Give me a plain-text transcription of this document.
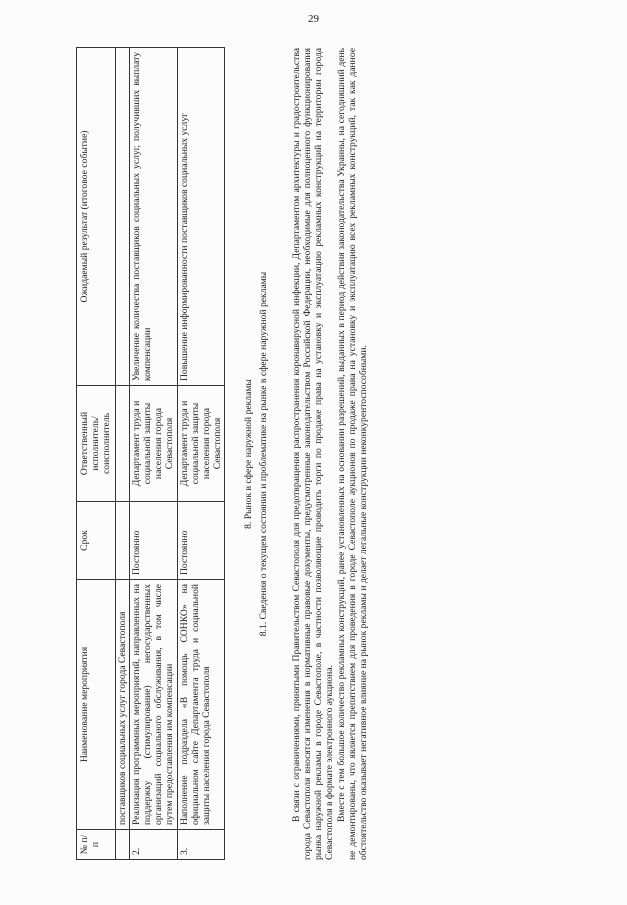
29
№ п/п	Наименование мероприятия	Срок	Ответственный исполнитель/ соисполнитель	Ожидаемый результат (итоговое событие)
	поставщиков социальных услуг города Севастополя			
2.	Реализация программных мероприятий, направленных на поддержку (стимулирование) негосударственных организаций социального обслуживания, в том числе путем предоставления им компенсации	Постоянно	Департамент труда и социальной защиты населения города Севастополя	Увеличение количества поставщиков социальных услуг, получивших выплату компенсации
3.	Наполнение подраздела «В помощь СОНКО» на официальном сайте Департамента труда и социальной защиты населения города Севастополя	Постоянно	Департамент труда и социальной защиты населения города Севастополя	Повышение информированности поставщиков социальных услуг
8. Рынок в сфере наружной рекламы 8.1. Сведения о текущем состоянии и проблематике на рынке в сфере наружной рекламы В связи с ограничениями, принятыми Правительством Севастополя для предотвращения распространения коронавирусной инфекции, Департаментом архитектуры и градостроительства города Севастополя вносятся изменения в нормативные правовые документы, предусмотренные законодательством Российской Федерации, необходимые для полноценного функционирования рынка наружной рекламы в городе Севастополе, в частности позволяющие проводить торги по продаже права на установку и эксплуатацию рекламных конструкций на территории города Севастополя в формате электронного аукциона. Вместе с тем большое количество рекламных конструкций, ранее установленных на основании разрешений, выданных в период действия законодательства Украины, на сегодняшний день не демонтированы, что является препятствием для проведения в городе Севастополе аукционов по продаже права на установку и эксплуатацию всех рекламных конструкций, так как данное обстоятельство оказывает негативное влияние на рынок рекламы и делает легальные конструкции неконкурентоспособными.
